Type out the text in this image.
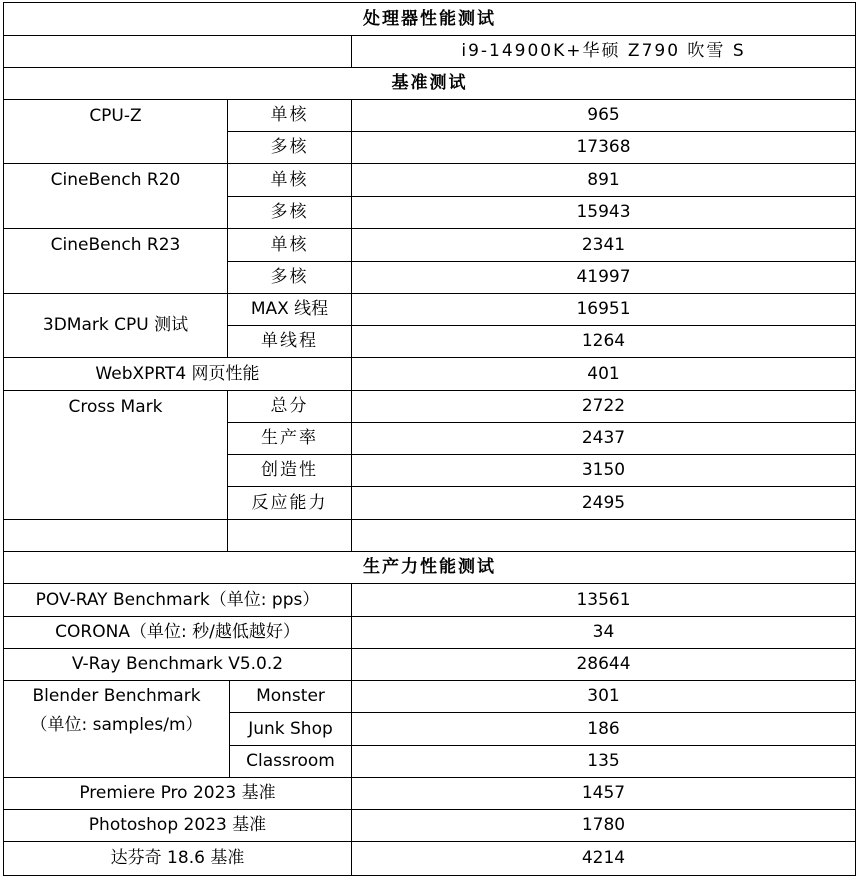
处理器性能测试
i9-14900K+华硕 Z790 吹雪 S
基准测试
CPU-Z	单核	965
多核	17368
CineBench R20	单核	891
多核	15943
CineBench R23	单核	2341
多核	41997
3DMark CPU 测试
MAX 线程	16951
单线程	1264
WebXPRT4 网页性能	401
Cross Mark	总分	2722
生产率	2437
创造性	3150
反应能力	2495
生产力性能测试
POV-RAY Benchmark（单位: pps）	13561
CORONA（单位: 秒/越低越好）	34
V-Ray Benchmark V5.0.2	28644
Blender Benchmark
（单位: samples/m）
Monster	301
Junk Shop	186
Classroom	135
Premiere Pro 2023 基准	1457
Photoshop 2023 基准	1780
达芬奇 18.6 基准	4214
